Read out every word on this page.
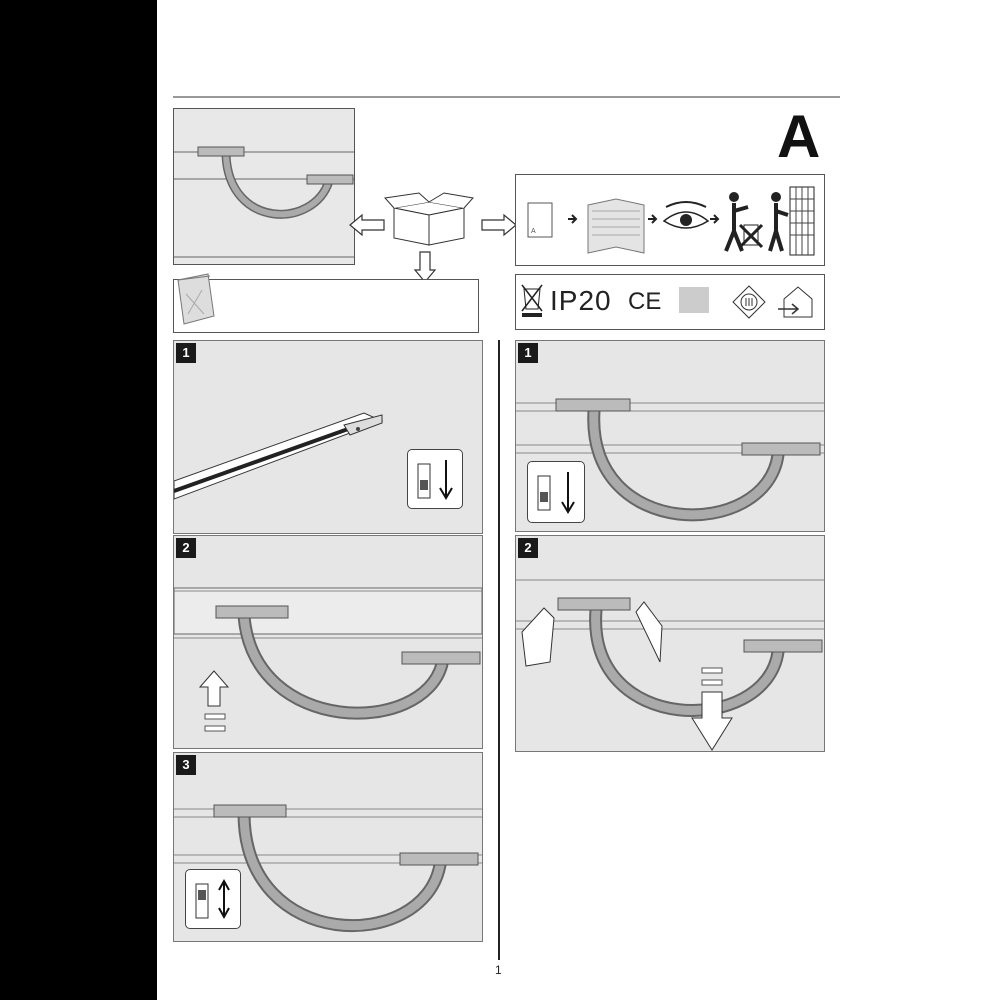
A
A
IP20 CE
1
2
3
1
2
1
